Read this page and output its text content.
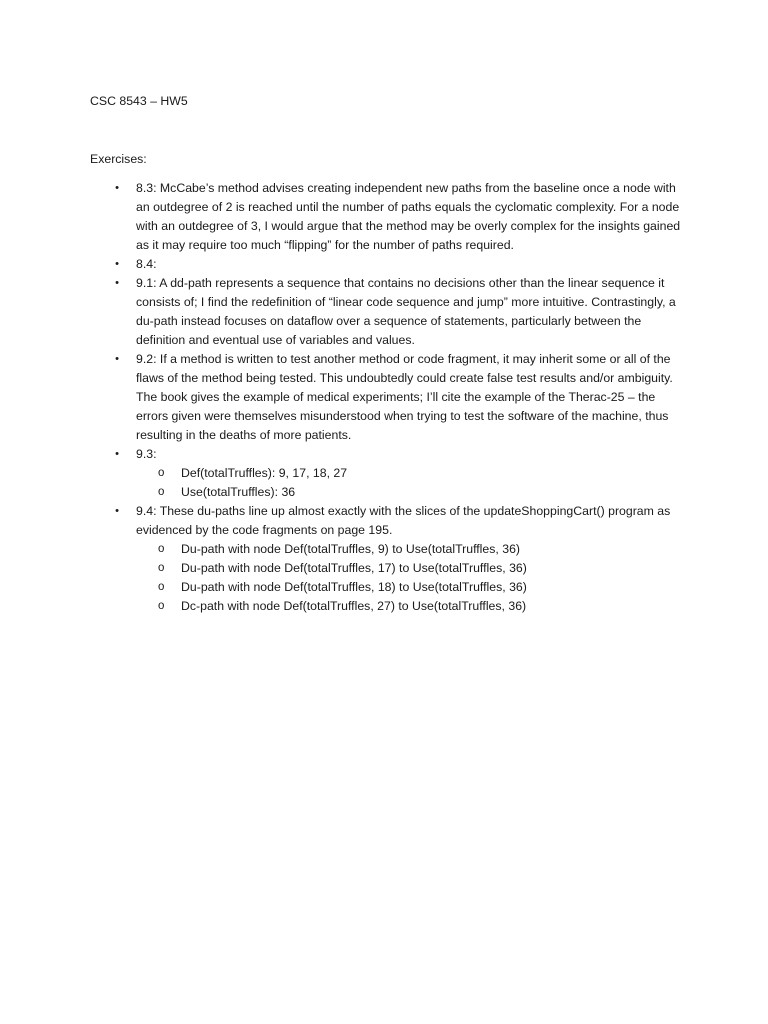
CSC 8543 – HW5
Exercises:
• 8.3: McCabe’s method advises creating independent new paths from the baseline once a node with an outdegree of 2 is reached until the number of paths equals the cyclomatic complexity. For a node with an outdegree of 3, I would argue that the method may be overly complex for the insights gained as it may require too much “flipping” for the number of paths required.
• 8.4:
• 9.1: A dd-path represents a sequence that contains no decisions other than the linear sequence it consists of; I find the redefinition of “linear code sequence and jump” more intuitive. Contrastingly, a du-path instead focuses on dataflow over a sequence of statements, particularly between the definition and eventual use of variables and values.
• 9.2: If a method is written to test another method or code fragment, it may inherit some or all of the flaws of the method being tested. This undoubtedly could create false test results and/or ambiguity. The book gives the example of medical experiments; I’ll cite the example of the Therac-25 – the errors given were themselves misunderstood when trying to test the software of the machine, thus resulting in the deaths of more patients.
• 9.3:
o Def(totalTruffles): 9, 17, 18, 27
o Use(totalTruffles): 36
• 9.4: These du-paths line up almost exactly with the slices of the updateShoppingCart() program as evidenced by the code fragments on page 195.
o Du-path with node Def(totalTruffles, 9) to Use(totalTruffles, 36)
o Du-path with node Def(totalTruffles, 17) to Use(totalTruffles, 36)
o Du-path with node Def(totalTruffles, 18) to Use(totalTruffles, 36)
o Dc-path with node Def(totalTruffles, 27) to Use(totalTruffles, 36)
